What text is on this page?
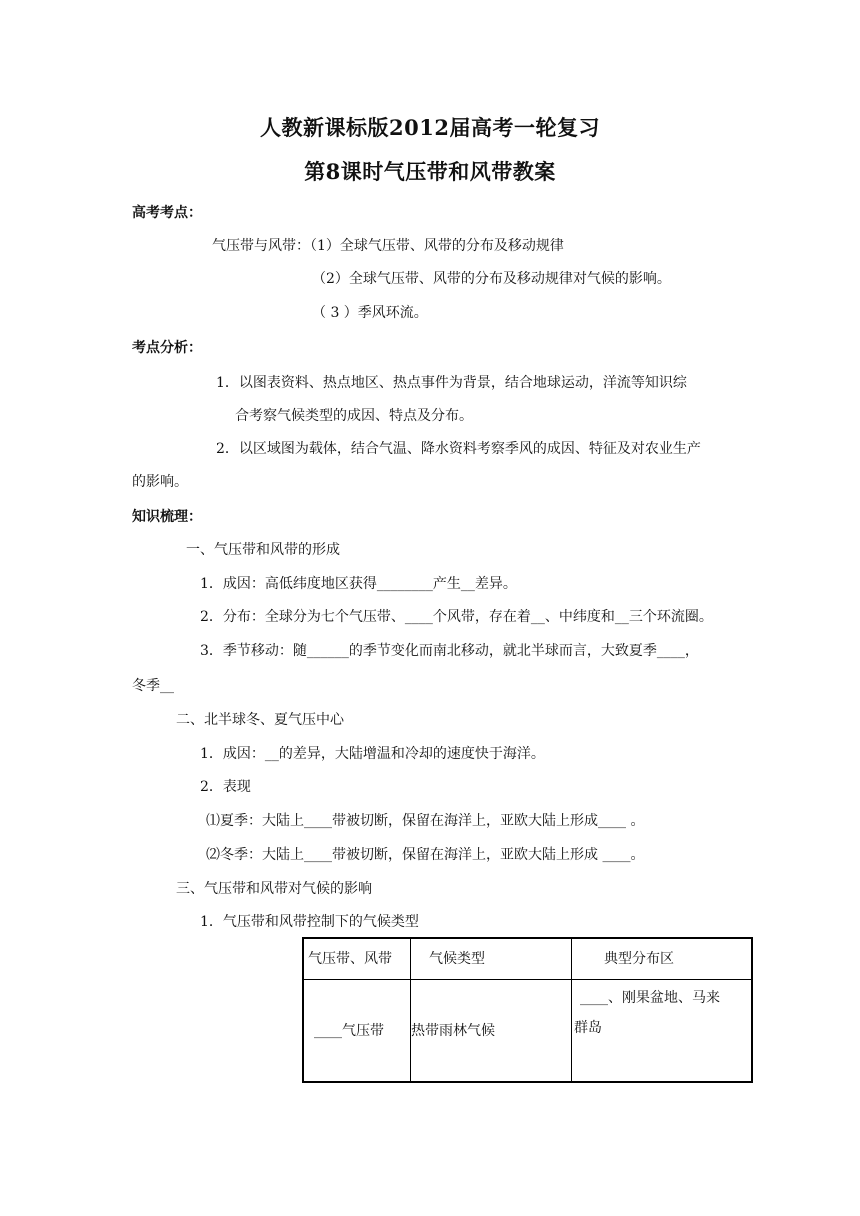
人教新课标版2012届高考一轮复习
第8课时气压带和风带教案
高考考点：
气压带与风带：（1）全球气压带、风带的分布及移动规律
（2）全球气压带、风带的分布及移动规律对气候的影响。
（ 3 ）季风环流。
考点分析：
1．以图表资料、热点地区、热点事件为背景，结合地球运动，洋流等知识综
合考察气候类型的成因、特点及分布。
2．以区域图为载体，结合气温、降水资料考察季风的成因、特征及对农业生产
的影响。
知识梳理：
一、气压带和风带的形成
1．成因：高低纬度地区获得________产生__差异。
2．分布：全球分为七个气压带、____个风带，存在着__、中纬度和__三个环流圈。
3．季节移动：随______的季节变化而南北移动，就北半球而言，大致夏季____，
冬季__
二、北半球冬、夏气压中心
1．成因：__的差异，大陆增温和冷却的速度快于海洋。
2．表现
⑴夏季：大陆上____带被切断，保留在海洋上，亚欧大陆上形成____ 。
⑵冬季：大陆上____带被切断，保留在海洋上，亚欧大陆上形成 ____。
三、气压带和风带对气候的影响
1．气压带和风带控制下的气候类型
气压带、风带	气候类型	典型分布区
____气压带	热带雨林气候	____、刚果盆地、马来
群岛
